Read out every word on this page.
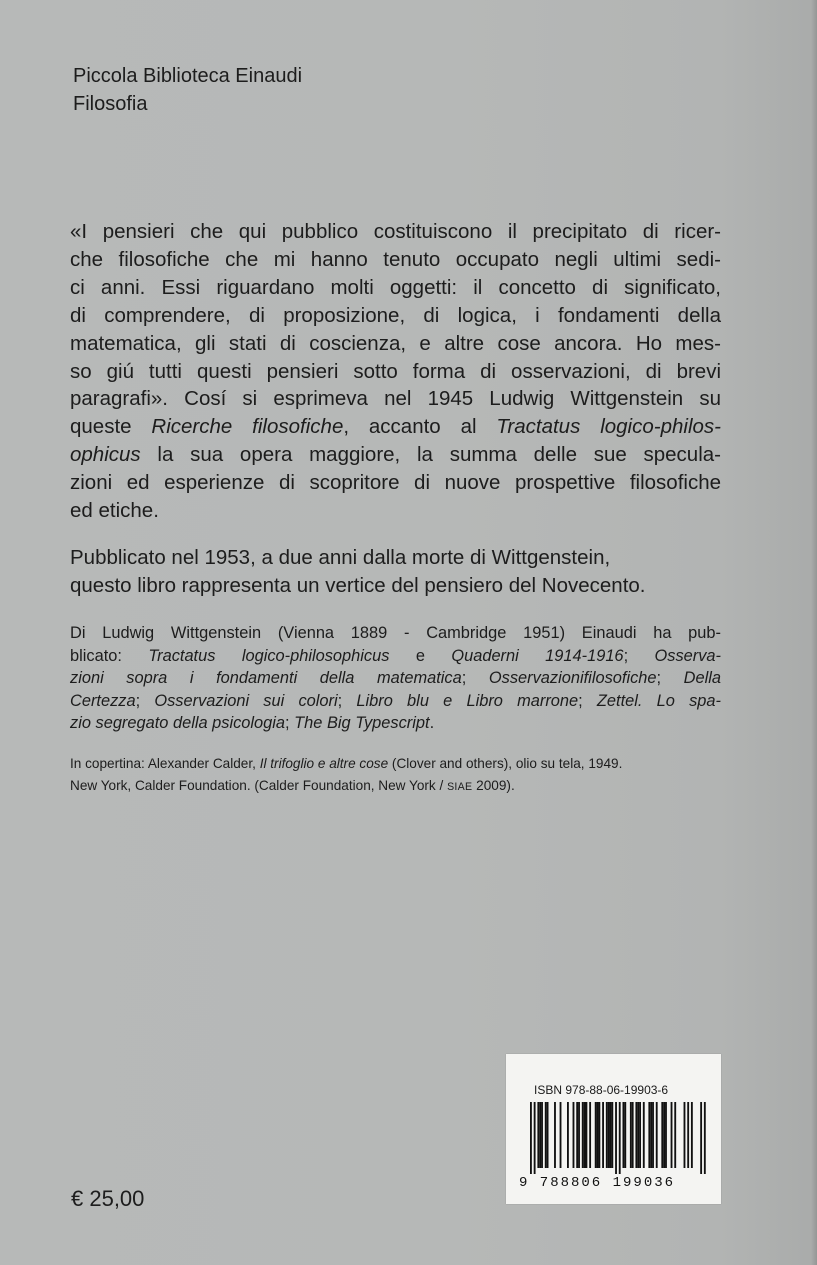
Piccola Biblioteca Einaudi
Filosofia
«I pensieri che qui pubblico costituiscono il precipitato di ricer-
che filosofiche che mi hanno tenuto occupato negli ultimi sedi-
ci anni. Essi riguardano molti oggetti: il concetto di significato,
di comprendere, di proposizione, di logica, i fondamenti della
matematica, gli stati di coscienza, e altre cose ancora. Ho mes-
so giú tutti questi pensieri sotto forma di osservazioni, di brevi
paragrafi». Cosí si esprimeva nel 1945 Ludwig Wittgenstein su
queste Ricerche filosofiche, accanto al Tractatus logico-philos-
ophicus la sua opera maggiore, la summa delle sue specula-
zioni ed esperienze di scopritore di nuove prospettive filosofiche
ed etiche.
Pubblicato nel 1953, a due anni dalla morte di Wittgenstein,
questo libro rappresenta un vertice del pensiero del Novecento.
Di Ludwig Wittgenstein (Vienna 1889 - Cambridge 1951) Einaudi ha pub-
blicato: Tractatus logico-philosophicus e Quaderni 1914-1916; Osserva-
zioni sopra i fondamenti della matematica; Osservazionifilosofiche; Della
Certezza; Osservazioni sui colori; Libro blu e Libro marrone; Zettel. Lo spa-
zio segregato della psicologia; The Big Typescript.
In copertina: Alexander Calder, Il trifoglio e altre cose (Clover and others), olio su tela, 1949.
New York, Calder Foundation. (Calder Foundation, New York / SIAE 2009).
€ 25,00
ISBN 978-88-06-19903-6
9 788806 199036
